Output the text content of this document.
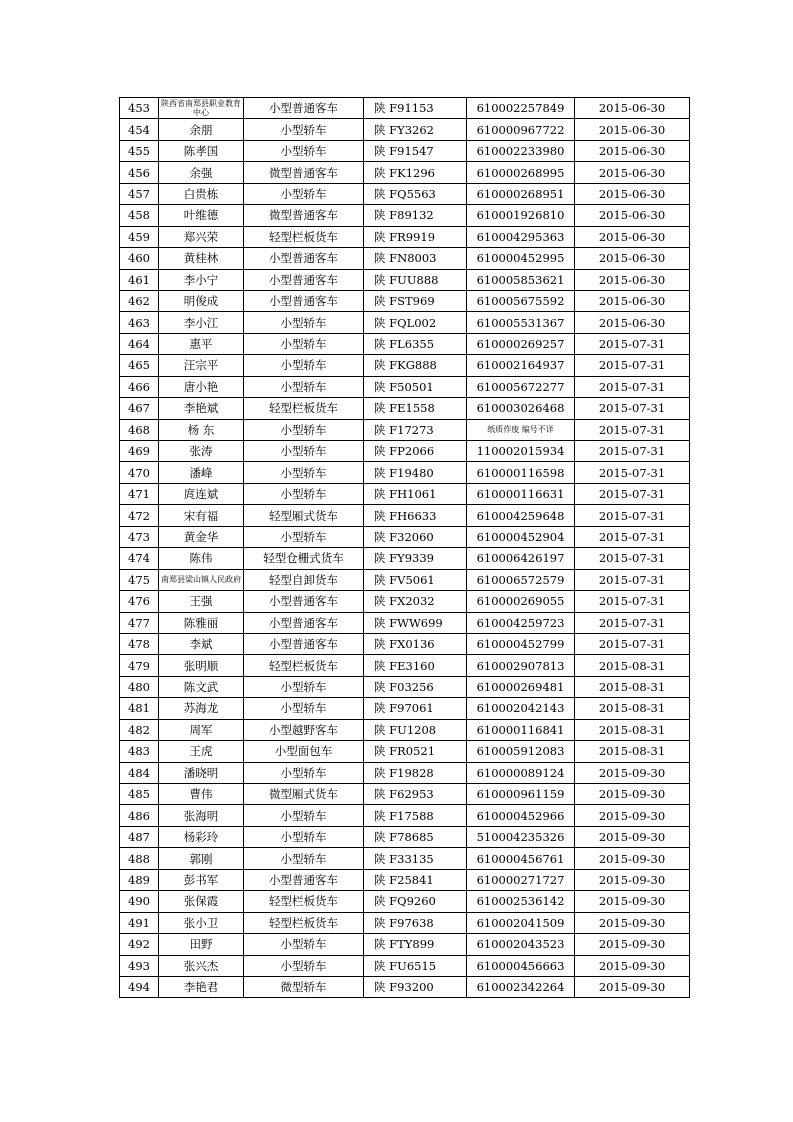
453	陕西省南郑县职业教育中心	小型普通客车	陕 F91153	610002257849	2015-06-30
454	余朋	小型轿车	陕 FY3262	610000967722	2015-06-30
455	陈孝国	小型轿车	陕 F91547	610002233980	2015-06-30
456	余强	微型普通客车	陕 FK1296	610000268995	2015-06-30
457	白贵栋	小型轿车	陕 FQ5563	610000268951	2015-06-30
458	叶维德	微型普通客车	陕 F89132	610001926810	2015-06-30
459	郑兴荣	轻型栏板货车	陕 FR9919	610004295363	2015-06-30
460	黄桂林	小型普通客车	陕 FN8003	610000452995	2015-06-30
461	李小宁	小型普通客车	陕 FUU888	610005853621	2015-06-30
462	明俊成	小型普通客车	陕 FST969	610005675592	2015-06-30
463	李小江	小型轿车	陕 FQL002	610005531367	2015-06-30
464	惠平	小型轿车	陕 FL6355	610000269257	2015-07-31
465	汪宗平	小型轿车	陕 FKG888	610002164937	2015-07-31
466	唐小艳	小型轿车	陕 F50501	610005672277	2015-07-31
467	李艳斌	轻型栏板货车	陕 FE1558	610003026468	2015-07-31
468	杨 东	小型轿车	陕 F17273	纸质作废 编号不详	2015-07-31
469	张涛	小型轿车	陕 FP2066	110002015934	2015-07-31
470	潘峰	小型轿车	陕 F19480	610000116598	2015-07-31
471	庹连斌	小型轿车	陕 FH1061	610000116631	2015-07-31
472	宋有福	轻型厢式货车	陕 FH6633	610004259648	2015-07-31
473	黄金华	小型轿车	陕 F32060	610000452904	2015-07-31
474	陈伟	轻型仓栅式货车	陕 FY9339	610006426197	2015-07-31
475	南郑县梁山镇人民政府	轻型自卸货车	陕 FV5061	610006572579	2015-07-31
476	王强	小型普通客车	陕 FX2032	610000269055	2015-07-31
477	陈雅丽	小型普通客车	陕 FWW699	610004259723	2015-07-31
478	李斌	小型普通客车	陕 FX0136	610000452799	2015-07-31
479	张明顺	轻型栏板货车	陕 FE3160	610002907813	2015-08-31
480	陈文武	小型轿车	陕 F03256	610000269481	2015-08-31
481	苏海龙	小型轿车	陕 F97061	610002042143	2015-08-31
482	周军	小型越野客车	陕 FU1208	610000116841	2015-08-31
483	王虎	小型面包车	陕 FR0521	610005912083	2015-08-31
484	潘晓明	小型轿车	陕 F19828	610000089124	2015-09-30
485	曹伟	微型厢式货车	陕 F62953	610000961159	2015-09-30
486	张海明	小型轿车	陕 F17588	610000452966	2015-09-30
487	杨彩玲	小型轿车	陕 F78685	510004235326	2015-09-30
488	郭刚	小型轿车	陕 F33135	610000456761	2015-09-30
489	彭书军	小型普通客车	陕 F25841	610000271727	2015-09-30
490	张保霞	轻型栏板货车	陕 FQ9260	610002536142	2015-09-30
491	张小卫	轻型栏板货车	陕 F97638	610002041509	2015-09-30
492	田野	小型轿车	陕 FTY899	610002043523	2015-09-30
493	张兴杰	小型轿车	陕 FU6515	610000456663	2015-09-30
494	李艳君	微型轿车	陕 F93200	610002342264	2015-09-30
